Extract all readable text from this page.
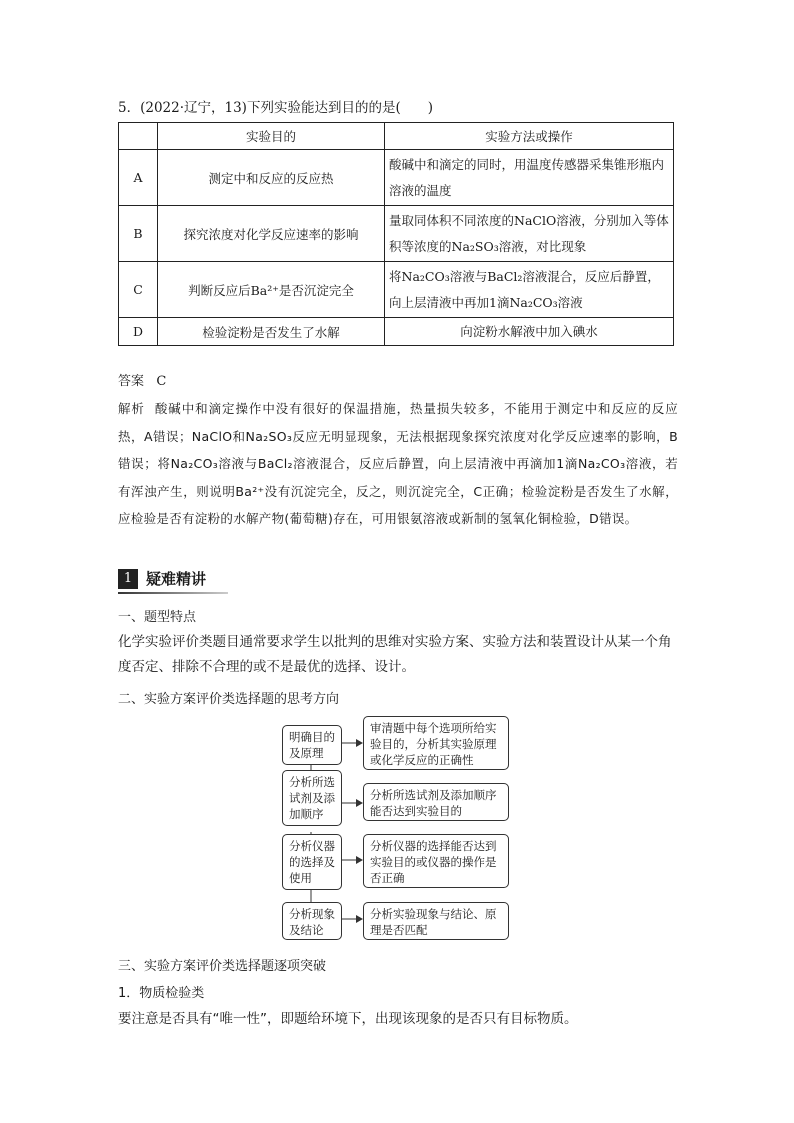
5．(2022·辽宁，13)下列实验能达到目的的是(　　)
	实验目的	实验方法或操作
A	测定中和反应的反应热	酸碱中和滴定的同时，用温度传感器采集锥形瓶内溶液的温度
B	探究浓度对化学反应速率的影响	量取同体积不同浓度的NaClO溶液，分别加入等体积等浓度的Na₂SO₃溶液，对比现象
C	判断反应后Ba²⁺是否沉淀完全	将Na₂CO₃溶液与BaCl₂溶液混合，反应后静置，向上层清液中再加1滴Na₂CO₃溶液
D	检验淀粉是否发生了水解	向淀粉水解液中加入碘水
答案 C
解析 酸碱中和滴定操作中没有很好的保温措施，热量损失较多，不能用于测定中和反应的反应热，A错误；NaClO和Na₂SO₃反应无明显现象，无法根据现象探究浓度对化学反应速率的影响，B错误；将Na₂CO₃溶液与BaCl₂溶液混合，反应后静置，向上层清液中再滴加1滴Na₂CO₃溶液，若有浑浊产生，则说明Ba²⁺没有沉淀完全，反之，则沉淀完全，C正确；检验淀粉是否发生了水解，应检验是否有淀粉的水解产物(葡萄糖)存在，可用银氨溶液或新制的氢氧化铜检验，D错误。
1 疑难精讲
一、题型特点
化学实验评价类题目通常要求学生以批判的思维对实验方案、实验方法和装置设计从某一个角度否定、排除不合理的或不是最优的选择、设计。
二、实验方案评价类选择题的思考方向
明确目的及原理
审清题中每个选项所给实验目的，分析其实验原理或化学反应的正确性
分析所选试剂及添加顺序
分析所选试剂及添加顺序能否达到实验目的
分析仪器的选择及使用
分析仪器的选择能否达到实验目的或仪器的操作是否正确
分析现象及结论
分析实验现象与结论、原理是否匹配
三、实验方案评价类选择题逐项突破
1．物质检验类
要注意是否具有“唯一性”，即题给环境下，出现该现象的是否只有目标物质。
